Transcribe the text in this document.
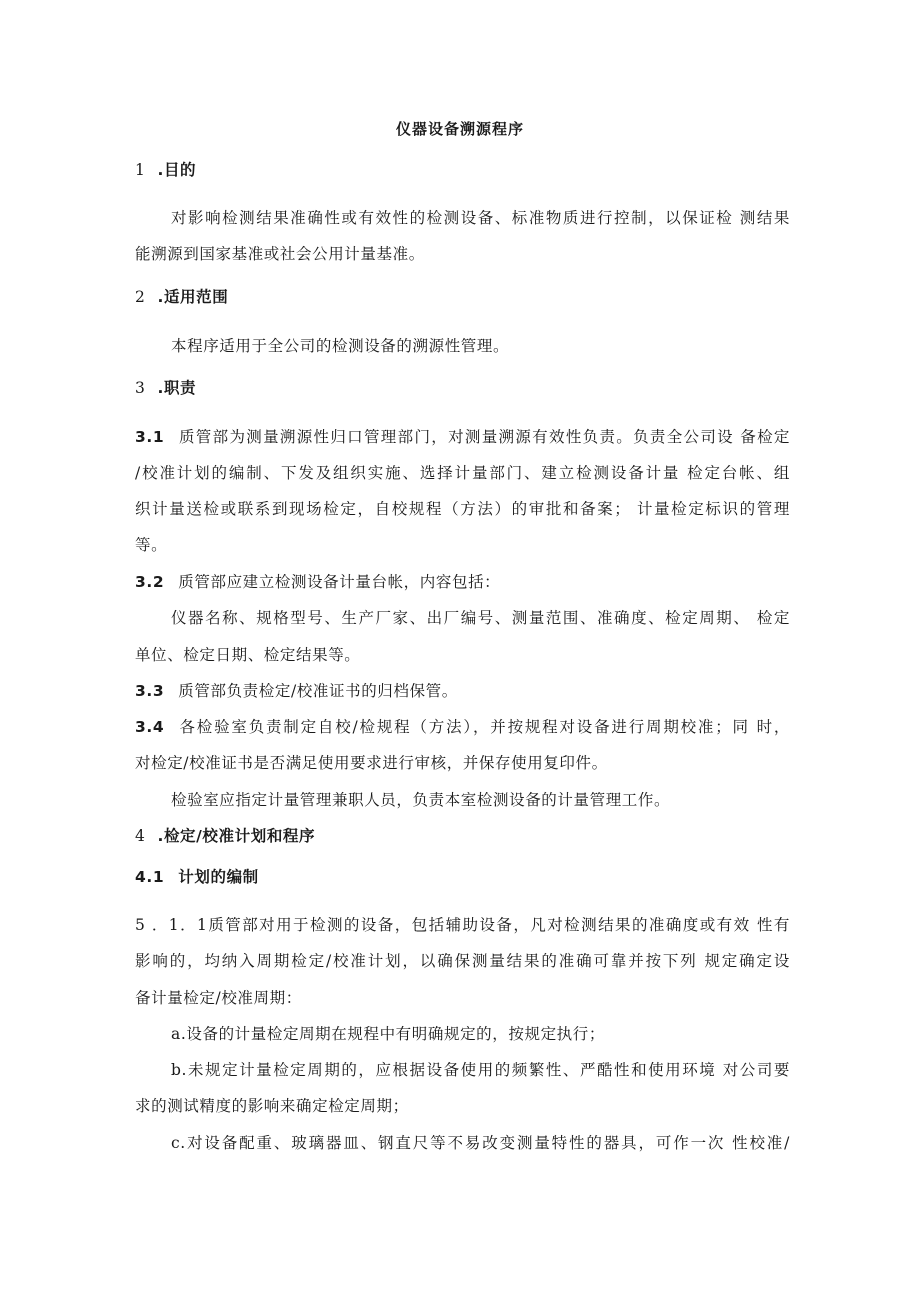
仪器设备溯源程序
1 .目的
对影响检测结果准确性或有效性的检测设备、标准物质进行控制，以保证检 测结果
能溯源到国家基准或社会公用计量基准。
2 .适用范围
本程序适用于全公司的检测设备的溯源性管理。
3 .职责
3.1 质管部为测量溯源性归口管理部门，对测量溯源有效性负责。负责全公司设 备检定
/校准计划的编制、下发及组织实施、选择计量部门、建立检测设备计量 检定台帐、组
织计量送检或联系到现场检定，自校规程（方法）的审批和备案； 计量检定标识的管理
等。
3.2 质管部应建立检测设备计量台帐，内容包括：
仪器名称、规格型号、生产厂家、出厂编号、测量范围、准确度、检定周期、 检定
单位、检定日期、检定结果等。
3.3 质管部负责检定/校准证书的归档保管。
3.4 各检验室负责制定自校/检规程（方法），并按规程对设备进行周期校准；同 时，
对检定/校准证书是否满足使用要求进行审核，并保存使用复印件。
检验室应指定计量管理兼职人员，负责本室检测设备的计量管理工作。
4 .检定/校准计划和程序
4.1 计划的编制
5 ．1．1质管部对用于检测的设备，包括辅助设备，凡对检测结果的准确度或有效 性有
影响的，均纳入周期检定/校准计划，以确保测量结果的准确可靠并按下列 规定确定设
备计量检定/校准周期：
a.设备的计量检定周期在规程中有明确规定的，按规定执行；
b.未规定计量检定周期的，应根据设备使用的频繁性、严酷性和使用环境 对公司要
求的测试精度的影响来确定检定周期；
c.对设备配重、玻璃器皿、钢直尺等不易改变测量特性的器具，可作一次 性校准/
